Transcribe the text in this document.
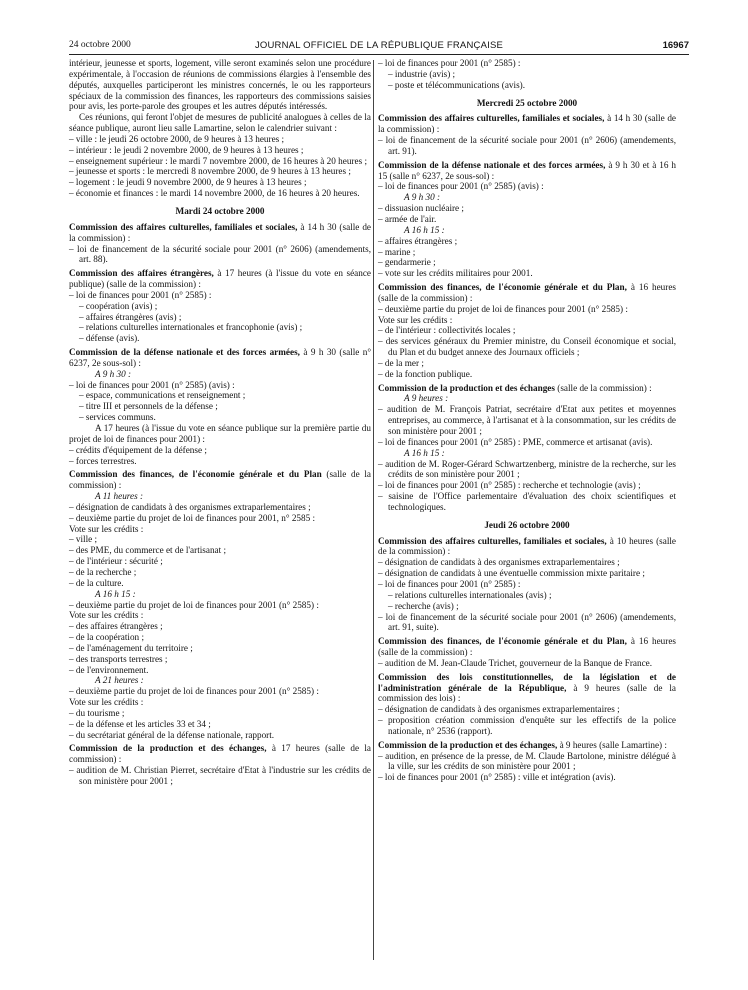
24 octobre 2000	JOURNAL OFFICIEL DE LA RÉPUBLIQUE FRANÇAISE	16967
intérieur, jeunesse et sports, logement, ville seront examinés selon une procédure expérimentale, à l'occasion de réunions de commissions élargies à l'ensemble des députés, auxquelles participeront les ministres concernés, le ou les rapporteurs spéciaux de la commission des finances, les rapporteurs des commissions saisies pour avis, les porte-parole des groupes et les autres députés intéressés.
Ces réunions, qui feront l'objet de mesures de publicité analogues à celles de la séance publique, auront lieu salle Lamartine, selon le calendrier suivant :
– ville : le jeudi 26 octobre 2000, de 9 heures à 13 heures ;
– intérieur : le jeudi 2 novembre 2000, de 9 heures à 13 heures ;
– enseignement supérieur : le mardi 7 novembre 2000, de 16 heures à 20 heures ;
– jeunesse et sports : le mercredi 8 novembre 2000, de 9 heures à 13 heures ;
– logement : le jeudi 9 novembre 2000, de 9 heures à 13 heures ;
– économie et finances : le mardi 14 novembre 2000, de 16 heures à 20 heures.
Mardi 24 octobre 2000
Commission des affaires culturelles, familiales et sociales, à 14 h 30 (salle de la commission) :
– loi de financement de la sécurité sociale pour 2001 (n° 2606) (amendements, art. 88).
Commission des affaires étrangères, à 17 heures (à l'issue du vote en séance publique) (salle de la commission) :
– loi de finances pour 2001 (n° 2585) :
– coopération (avis) ;
– affaires étrangères (avis) ;
– relations culturelles internationales et francophonie (avis) ;
– défense (avis).
Commission de la défense nationale et des forces armées, à 9 h 30 (salle n° 6237, 2e sous-sol) :
A 9 h 30 :
– loi de finances pour 2001 (n° 2585) (avis) :
– espace, communications et renseignement ;
– titre III et personnels de la défense ;
– services communs.
A 17 heures (à l'issue du vote en séance publique sur la première partie du projet de loi de finances pour 2001) :
– crédits d'équipement de la défense ;
– forces terrestres.
Commission des finances, de l'économie générale et du Plan (salle de la commission) :
A 11 heures :
– désignation de candidats à des organismes extraparlementaires ;
– deuxième partie du projet de loi de finances pour 2001, n° 2585 :
Vote sur les crédits :
– ville ;
– des PME, du commerce et de l'artisanat ;
– de l'intérieur : sécurité ;
– de la recherche ;
– de la culture.
A 16 h 15 :
– deuxième partie du projet de loi de finances pour 2001 (n° 2585) :
Vote sur les crédits :
– des affaires étrangères ;
– de la coopération ;
– de l'aménagement du territoire ;
– des transports terrestres ;
– de l'environnement.
A 21 heures :
– deuxième partie du projet de loi de finances pour 2001 (n° 2585) :
Vote sur les crédits :
– du tourisme ;
– de la défense et les articles 33 et 34 ;
– du secrétariat général de la défense nationale, rapport.
Commission de la production et des échanges, à 17 heures (salle de la commission) :
– audition de M. Christian Pierret, secrétaire d'Etat à l'industrie sur les crédits de son ministère pour 2001 ;
– loi de finances pour 2001 (n° 2585) :
– industrie (avis) ;
– poste et télécommunications (avis).
Mercredi 25 octobre 2000
Commission des affaires culturelles, familiales et sociales, à 14 h 30 (salle de la commission) :
– loi de financement de la sécurité sociale pour 2001 (n° 2606) (amendements, art. 91).
Commission de la défense nationale et des forces armées, à 9 h 30 et à 16 h 15 (salle n° 6237, 2e sous-sol) :
– loi de finances pour 2001 (n° 2585) (avis) :
A 9 h 30 :
– dissuasion nucléaire ;
– armée de l'air.
A 16 h 15 :
– affaires étrangères ;
– marine ;
– gendarmerie ;
– vote sur les crédits militaires pour 2001.
Commission des finances, de l'économie générale et du Plan, à 16 heures (salle de la commission) :
– deuxième partie du projet de loi de finances pour 2001 (n° 2585) :
Vote sur les crédits :
– de l'intérieur : collectivités locales ;
– des services généraux du Premier ministre, du Conseil économique et social, du Plan et du budget annexe des Journaux officiels ;
– de la mer ;
– de la fonction publique.
Commission de la production et des échanges (salle de la commission) :
A 9 heures :
– audition de M. François Patriat, secrétaire d'Etat aux petites et moyennes entreprises, au commerce, à l'artisanat et à la consommation, sur les crédits de son ministère pour 2001 ;
– loi de finances pour 2001 (n° 2585) : PME, commerce et artisanat (avis).
A 16 h 15 :
– audition de M. Roger-Gérard Schwartzenberg, ministre de la recherche, sur les crédits de son ministère pour 2001 ;
– loi de finances pour 2001 (n° 2585) : recherche et technologie (avis) ;
– saisine de l'Office parlementaire d'évaluation des choix scientifiques et technologiques.
Jeudi 26 octobre 2000
Commission des affaires culturelles, familiales et sociales, à 10 heures (salle de la commission) :
– désignation de candidats à des organismes extraparlementaires ;
– désignation de candidats à une éventuelle commission mixte paritaire ;
– loi de finances pour 2001 (n° 2585) :
– relations culturelles internationales (avis) ;
– recherche (avis) ;
– loi de financement de la sécurité sociale pour 2001 (n° 2606) (amendements, art. 91, suite).
Commission des finances, de l'économie générale et du Plan, à 16 heures (salle de la commission) :
– audition de M. Jean-Claude Trichet, gouverneur de la Banque de France.
Commission des lois constitutionnelles, de la législation et de l'administration générale de la République, à 9 heures (salle de la commission des lois) :
– désignation de candidats à des organismes extraparlementaires ;
– proposition création commission d'enquête sur les effectifs de la police nationale, n° 2536 (rapport).
Commission de la production et des échanges, à 9 heures (salle Lamartine) :
– audition, en présence de la presse, de M. Claude Bartolone, ministre délégué à la ville, sur les crédits de son ministère pour 2001 ;
– loi de finances pour 2001 (n° 2585) : ville et intégration (avis).
